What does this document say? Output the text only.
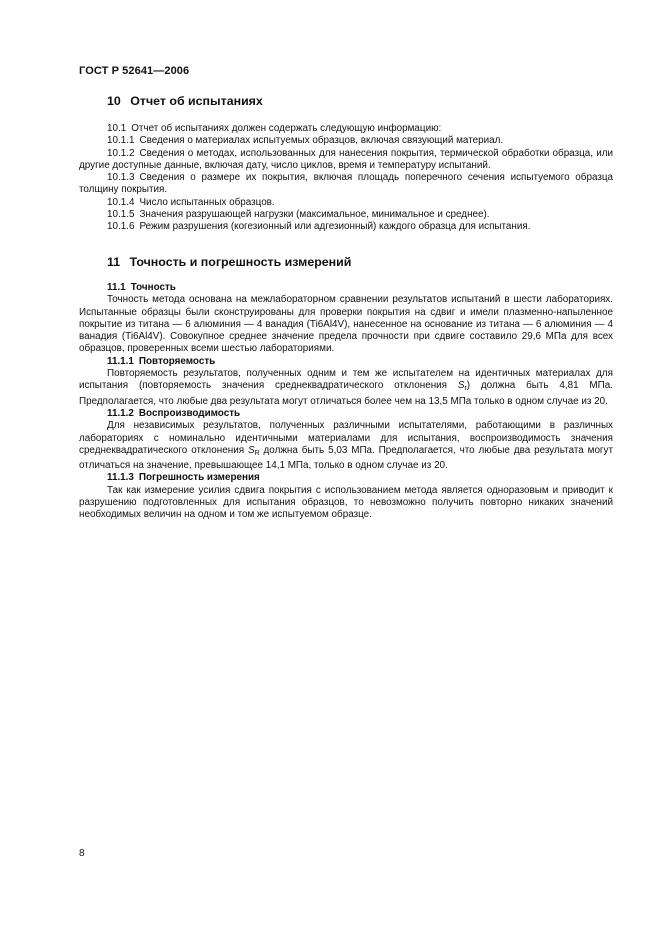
ГОСТ Р 52641—2006
10 Отчет об испытаниях

10.1 Отчет об испытаниях должен содержать следующую информацию:

10.1.1 Сведения о материалах испытуемых образцов, включая связующий материал.

10.1.2 Сведения о методах, использованных для нанесения покрытия, термической обработки образца, или другие доступные данные, включая дату, число циклов, время и температуру испытаний.

10.1.3 Сведения о размере их покрытия, включая площадь поперечного сечения испытуемого образца толщину покрытия.

10.1.4 Число испытанных образцов.

10.1.5 Значения разрушающей нагрузки (максимальное, минимальное и среднее).

10.1.6 Режим разрушения (когезионный или адгезионный) каждого образца для испытания.

11 Точность и погрешность измерений

11.1 Точность

Точность метода основана на межлабораторном сравнении результатов испытаний в шести лабораториях. Испытанные образцы были сконструированы для проверки покрытия на сдвиг и имели плазменно-напыленное покрытие из титана — 6 алюминия — 4 ванадия (Ti6Al4V), нанесенное на основание из титана — 6 алюминия — 4 ванадия (Ti6Al4V). Совокупное среднее значение предела прочности при сдвиге составило 29,6 МПа для всех образцов, проверенных всеми шестью лабораториями.

11.1.1 Повторяемость

Повторяемость результатов, полученных одним и тем же испытателем на идентичных материалах для испытания (повторяемость значения среднеквадратического отклонения $S_r$) должна быть 4,81 МПа. Предполагается, что любые два результата могут отличаться более чем на 13,5 МПа только в одном случае из 20.

11.1.2 Воспроизводимость

Для независимых результатов, полученных различными испытателями, работающими в различных лабораториях с номинально идентичными материалами для испытания, воспроизводимость значения среднеквадратического отклонения $S_R$ должна быть 5,03 МПа. Предполагается, что любые два результата могут отличаться на значение, превышающее 14,1 МПа, только в одном случае из 20.

11.1.3 Погрешность измерения

Так как измерение усилия сдвига покрытия с использованием метода является одноразовым и приводит к разрушению подготовленных для испытания образцов, то невозможно получить повторно никаких значений необходимых величин на одном и том же испытуемом образце.

8
